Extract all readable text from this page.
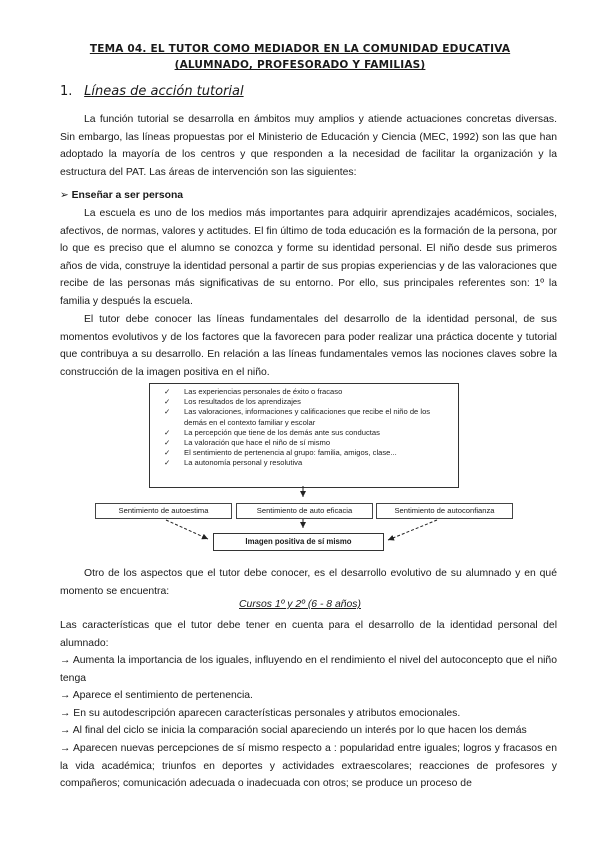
TEMA 04. EL TUTOR COMO MEDIADOR EN LA COMUNIDAD EDUCATIVA
(ALUMNADO, PROFESORADO Y FAMILIAS)
1. Líneas de acción tutorial

La función tutorial se desarrolla en ámbitos muy amplios y atiende actuaciones concretas diversas. Sin embargo, las líneas propuestas por el Ministerio de Educación y Ciencia (MEC, 1992) son las que han adoptado la mayoría de los centros y que responden a la necesidad de facilitar la organización y la estructura del PAT. Las áreas de intervención son las siguientes:

➢ Enseñar a ser persona

La escuela es uno de los medios más importantes para adquirir aprendizajes académicos, sociales, afectivos, de normas, valores y actitudes. El fin último de toda educación es la formación de la persona, por lo que es preciso que el alumno se conozca y forme su identidad personal. El niño desde sus primeros años de vida, construye la identidad personal a partir de sus propias experiencias y de las valoraciones que recibe de las personas más significativas de su entorno. Por ello, sus principales referentes son: 1º la familia y después la escuela.

El tutor debe conocer las líneas fundamentales del desarrollo de la identidad personal, de sus momentos evolutivos y de los factores que la favorecen para poder realizar una práctica docente y tutorial que contribuya a su desarrollo. En relación a las líneas fundamentales vemos las nociones claves sobre la construcción de la imagen positiva en el niño.

✓ Las experiencias personales de éxito o fracaso
✓ Los resultados de los aprendizajes
✓ Las valoraciones, informaciones y calificaciones que recibe el niño de los demás en el contexto familiar y escolar
✓ La percepción que tiene de los demás ante sus conductas
✓ La valoración que hace el niño de sí mismo
✓ El sentimiento de pertenencia al grupo: familia, amigos, clase...
✓ La autonomía personal y resolutiva
Sentimiento de autoestima	Sentimiento de auto eficacia	Sentimiento de autoconfianza
Imagen positiva de sí mismo

Otro de los aspectos que el tutor debe conocer, es el desarrollo evolutivo de su alumnado y en qué momento se encuentra:

Cursos 1º y 2º (6 - 8 años)

Las características que el tutor debe tener en cuenta para el desarrollo de la identidad personal del alumnado:

→ Aumenta la importancia de los iguales, influyendo en el rendimiento el nivel del autoconcepto que el niño tenga

→ Aparece el sentimiento de pertenencia.

→ En su autodescripción aparecen características personales y atributos emocionales.

→ Al final del ciclo se inicia la comparación social apareciendo un interés por lo que hacen los demás

→ Aparecen nuevas percepciones de sí mismo respecto a : popularidad entre iguales; logros y fracasos en la vida académica; triunfos en deportes y actividades extraescolares; reacciones de profesores y compañeros; comunicación adecuada o inadecuada con otros; se produce un proceso de
